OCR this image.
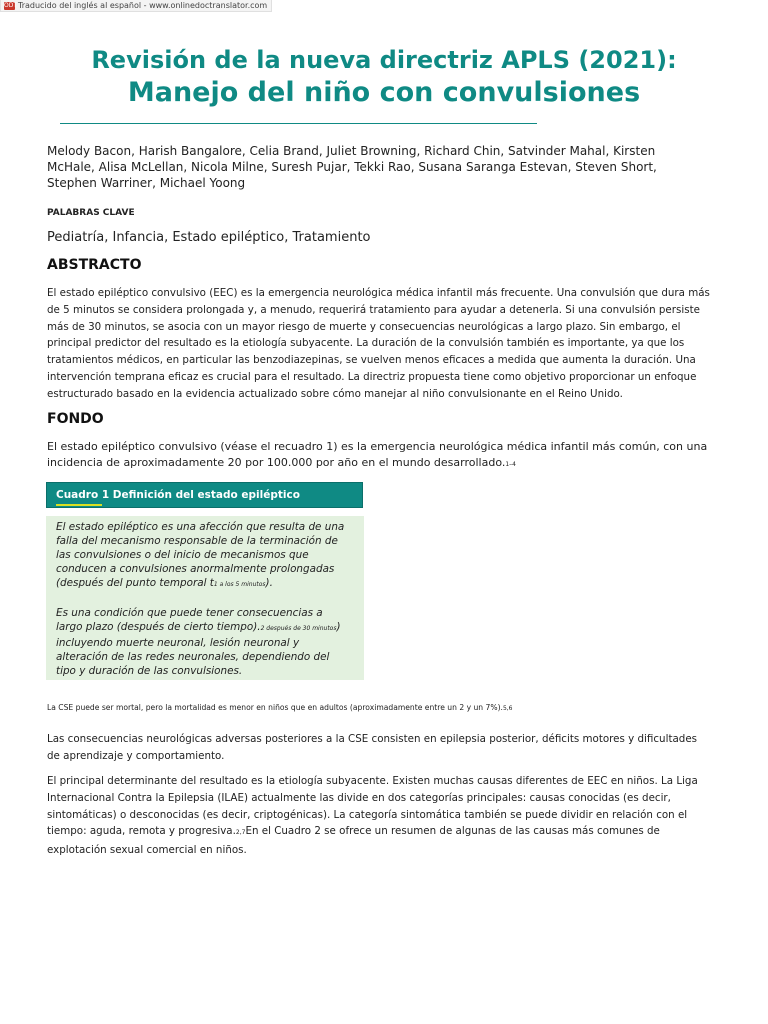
ODT Traducido del inglés al español - www.onlinedoctranslator.com
Revisión de la nueva directriz APLS (2021):
Manejo del niño con convulsiones
Melody Bacon, Harish Bangalore, Celia Brand, Juliet Browning, Richard Chin, Satvinder Mahal, Kirsten McHale, Alisa McLellan, Nicola Milne, Suresh Pujar, Tekki Rao, Susana Saranga Estevan, Steven Short, Stephen Warriner, Michael Yoong
PALABRAS CLAVE
Pediatría, Infancia, Estado epiléptico, Tratamiento
ABSTRACTO
El estado epiléptico convulsivo (EEC) es la emergencia neurológica médica infantil más frecuente. Una convulsión que dura más de 5 minutos se considera prolongada y, a menudo, requerirá tratamiento para ayudar a detenerla. Si una convulsión persiste más de 30 minutos, se asocia con un mayor riesgo de muerte y consecuencias neurológicas a largo plazo. Sin embargo, el principal predictor del resultado es la etiología subyacente. La duración de la convulsión también es importante, ya que los tratamientos médicos, en particular las benzodiazepinas, se vuelven menos eficaces a medida que aumenta la duración. Una intervención temprana eficaz es crucial para el resultado. La directriz propuesta tiene como objetivo proporcionar un enfoque estructurado basado en la evidencia actualizado sobre cómo manejar al niño convulsionante en el Reino Unido.
FONDO
El estado epiléptico convulsivo (véase el recuadro 1) es la emergencia neurológica médica infantil más común, con una incidencia de aproximadamente 20 por 100.000 por año en el mundo desarrollado.1–4
Cuadro 1 Definición del estado epiléptico
El estado epiléptico es una afección que resulta de una falla del mecanismo responsable de la terminación de las convulsiones o del inicio de mecanismos que conducen a convulsiones anormalmente prolongadas (después del punto temporal t1 a los 5 minutos).
Es una condición que puede tener consecuencias a largo plazo (después de cierto tiempo).2 después de 30 minutos) incluyendo muerte neuronal, lesión neuronal y alteración de las redes neuronales, dependiendo del tipo y duración de las convulsiones.
La CSE puede ser mortal, pero la mortalidad es menor en niños que en adultos (aproximadamente entre un 2 y un 7%).5,6
Las consecuencias neurológicas adversas posteriores a la CSE consisten en epilepsia posterior, déficits motores y dificultades de aprendizaje y comportamiento.
El principal determinante del resultado es la etiología subyacente. Existen muchas causas diferentes de EEC en niños. La Liga Internacional Contra la Epilepsia (ILAE) actualmente las divide en dos categorías principales: causas conocidas (es decir, sintomáticas) o desconocidas (es decir, criptogénicas). La categoría sintomática también se puede dividir en relación con el tiempo: aguda, remota y progresiva.2,7En el Cuadro 2 se ofrece un resumen de algunas de las causas más comunes de explotación sexual comercial en niños.
